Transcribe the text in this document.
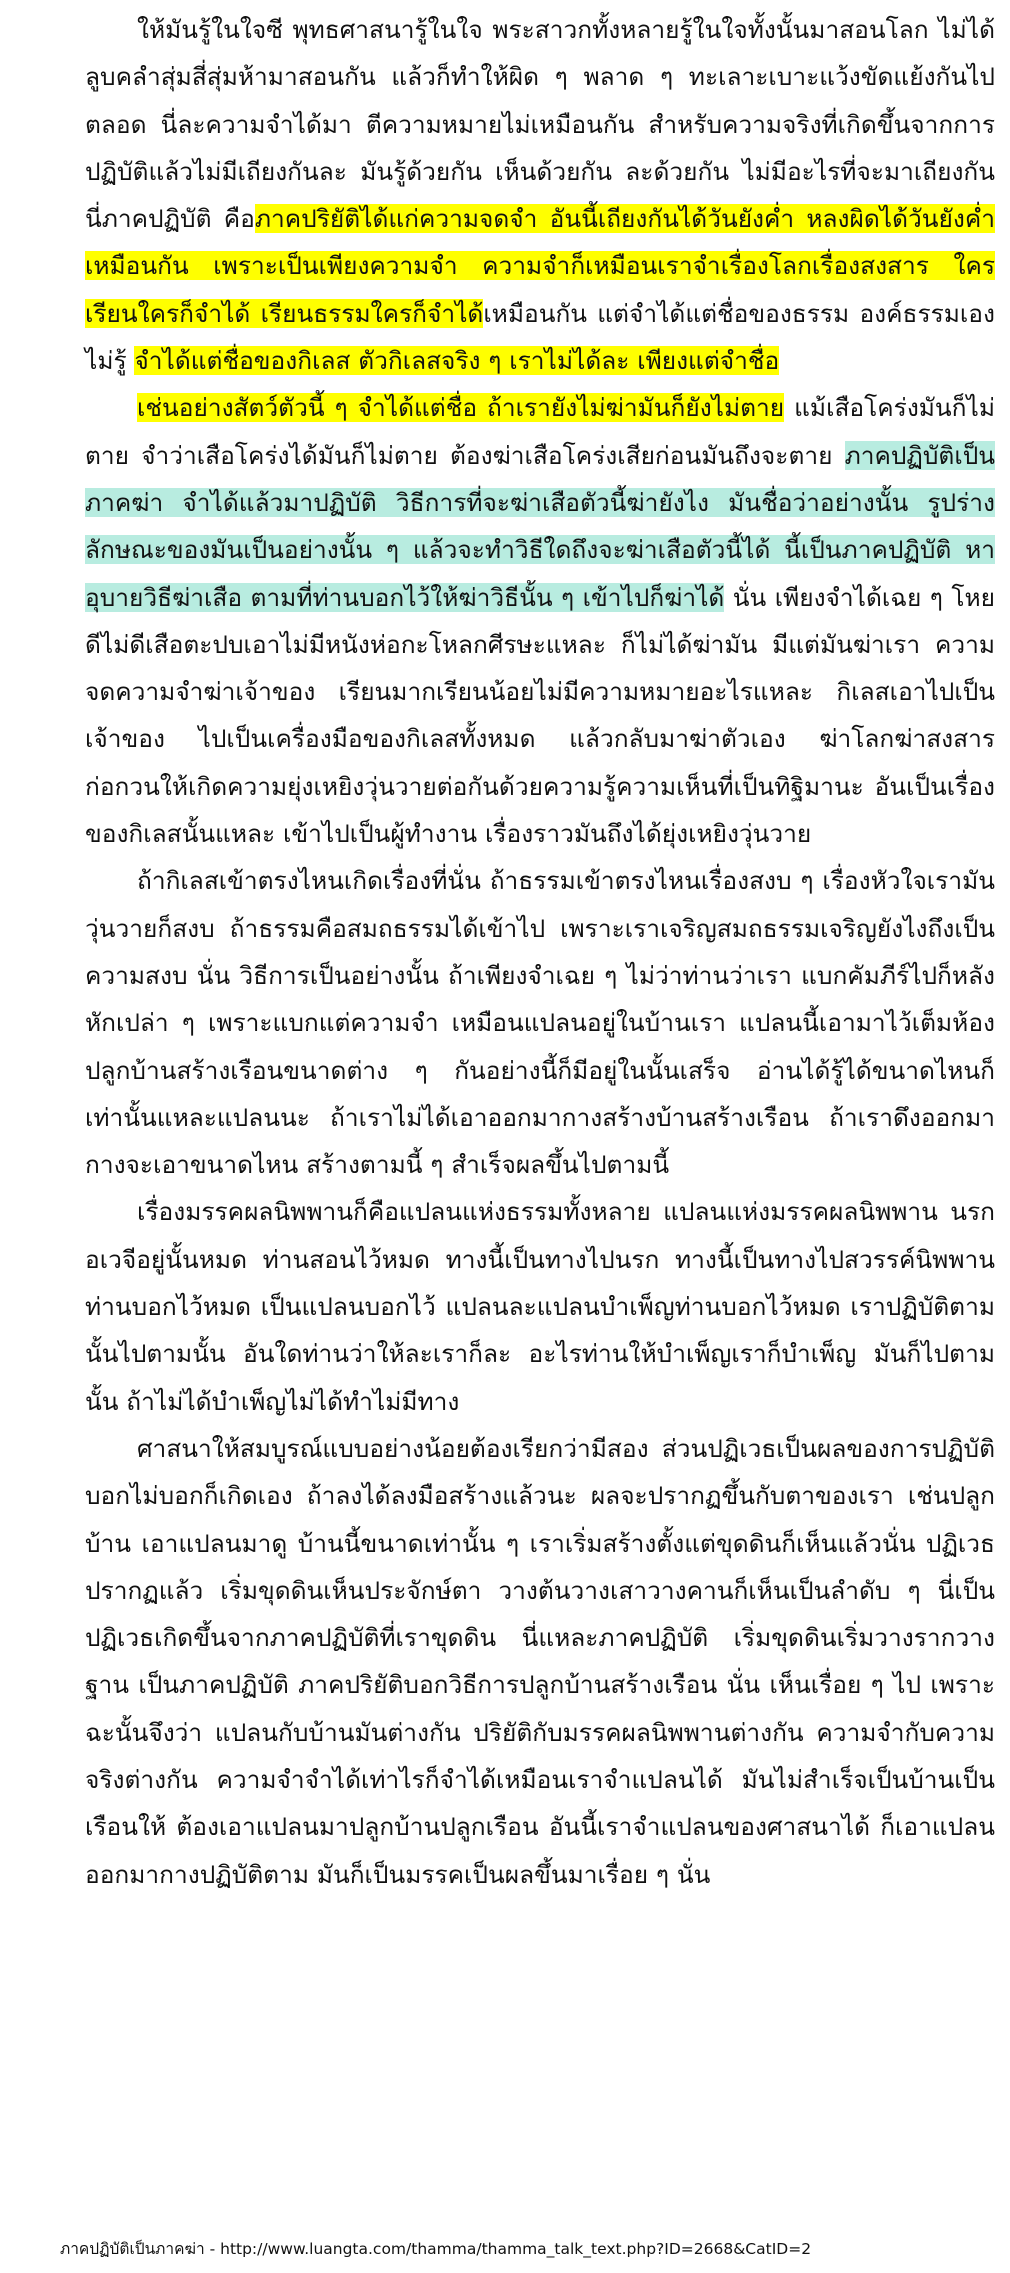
ให้มันรู้ในใจซี พุทธศาสนารู้ในใจ พระสาวกทั้งหลายรู้ในใจทั้งนั้นมาสอนโลก ไม่ได้ลูบคลำสุ่มสี่สุ่มห้ามาสอนกัน แล้วก็ทำให้ผิด ๆ พลาด ๆ ทะเลาะเบาะแว้งขัดแย้งกันไปตลอด นี่ละความจำได้มา ตีความหมายไม่เหมือนกัน สำหรับความจริงที่เกิดขึ้นจากการปฏิบัติแล้วไม่มีเถียงกันละ มันรู้ด้วยกัน เห็นด้วยกัน ละด้วยกัน ไม่มีอะไรที่จะมาเถียงกัน นี่ภาคปฏิบัติ คือภาคปริยัติได้แก่ความจดจำ อันนี้เถียงกันได้วันยังค่ำ หลงผิดได้วันยังค่ำเหมือนกัน เพราะเป็นเพียงความจำ ความจำก็เหมือนเราจำเรื่องโลกเรื่องสงสาร ใครเรียนใครก็จำได้ เรียนธรรมใครก็จำได้เหมือนกัน แต่จำได้แต่ชื่อของธรรม องค์ธรรมเองไม่รู้ จำได้แต่ชื่อของกิเลส ตัวกิเลสจริง ๆ เราไม่ได้ละ เพียงแต่จำชื่อ

เช่นอย่างสัตว์ตัวนี้ ๆ จำได้แต่ชื่อ ถ้าเรายังไม่ฆ่ามันก็ยังไม่ตาย แม้เสือโคร่งมันก็ไม่ตาย จำว่าเสือโคร่งได้มันก็ไม่ตาย ต้องฆ่าเสือโคร่งเสียก่อนมันถึงจะตาย ภาคปฏิบัติเป็นภาคฆ่า จำได้แล้วมาปฏิบัติ วิธีการที่จะฆ่าเสือตัวนี้ฆ่ายังไง มันชื่อว่าอย่างนั้น รูปร่างลักษณะของมันเป็นอย่างนั้น ๆ แล้วจะทำวิธีใดถึงจะฆ่าเสือตัวนี้ได้ นี้เป็นภาคปฏิบัติ หาอุบายวิธีฆ่าเสือ ตามที่ท่านบอกไว้ให้ฆ่าวิธีนั้น ๆ เข้าไปก็ฆ่าได้ นั่น เพียงจำได้เฉย ๆ โหย ดีไม่ดีเสือตะปบเอาไม่มีหนังห่อกะโหลกศีรษะแหละ ก็ไม่ได้ฆ่ามัน มีแต่มันฆ่าเรา ความจดความจำฆ่าเจ้าของ เรียนมากเรียนน้อยไม่มีความหมายอะไรแหละ กิเลสเอาไปเป็นเจ้าของ ไปเป็นเครื่องมือของกิเลสทั้งหมด แล้วกลับมาฆ่าตัวเอง ฆ่าโลกฆ่าสงสาร ก่อกวนให้เกิดความยุ่งเหยิงวุ่นวายต่อกันด้วยความรู้ความเห็นที่เป็นทิฐิมานะ อันเป็นเรื่องของกิเลสนั้นแหละ เข้าไปเป็นผู้ทำงาน เรื่องราวมันถึงได้ยุ่งเหยิงวุ่นวาย

ถ้ากิเลสเข้าตรงไหนเกิดเรื่องที่นั่น ถ้าธรรมเข้าตรงไหนเรื่องสงบ ๆ เรื่องหัวใจเรามันวุ่นวายก็สงบ ถ้าธรรมคือสมถธรรมได้เข้าไป เพราะเราเจริญสมถธรรมเจริญยังไงถึงเป็นความสงบ นั่น วิธีการเป็นอย่างนั้น ถ้าเพียงจำเฉย ๆ ไม่ว่าท่านว่าเรา แบกคัมภีร์ไปก็หลังหักเปล่า ๆ เพราะแบกแต่ความจำ เหมือนแปลนอยู่ในบ้านเรา แปลนนี้เอามาไว้เต็มห้อง ปลูกบ้านสร้างเรือนขนาดต่าง ๆ กันอย่างนี้ก็มีอยู่ในนั้นเสร็จ อ่านได้รู้ได้ขนาดไหนก็เท่านั้นแหละแปลนนะ ถ้าเราไม่ได้เอาออกมากางสร้างบ้านสร้างเรือน ถ้าเราดึงออกมากางจะเอาขนาดไหน สร้างตามนี้ ๆ สำเร็จผลขึ้นไปตามนี้

เรื่องมรรคผลนิพพานก็คือแปลนแห่งธรรมทั้งหลาย แปลนแห่งมรรคผลนิพพาน นรกอเวจีอยู่นั้นหมด ท่านสอนไว้หมด ทางนี้เป็นทางไปนรก ทางนี้เป็นทางไปสวรรค์นิพพาน ท่านบอกไว้หมด เป็นแปลนบอกไว้ แปลนละแปลนบำเพ็ญท่านบอกไว้หมด เราปฏิบัติตามนั้นไปตามนั้น อันใดท่านว่าให้ละเราก็ละ อะไรท่านให้บำเพ็ญเราก็บำเพ็ญ มันก็ไปตามนั้น ถ้าไม่ได้บำเพ็ญไม่ได้ทำไม่มีทาง

ศาสนาให้สมบูรณ์แบบอย่างน้อยต้องเรียกว่ามีสอง ส่วนปฏิเวธเป็นผลของการปฏิบัติ บอกไม่บอกก็เกิดเอง ถ้าลงได้ลงมือสร้างแล้วนะ ผลจะปรากฏขึ้นกับตาของเรา เช่นปลูกบ้าน เอาแปลนมาดู บ้านนี้ขนาดเท่านั้น ๆ เราเริ่มสร้างตั้งแต่ขุดดินก็เห็นแล้วนั่น ปฏิเวธปรากฏแล้ว เริ่มขุดดินเห็นประจักษ์ตา วางต้นวางเสาวางคานก็เห็นเป็นลำดับ ๆ นี่เป็นปฏิเวธเกิดขึ้นจากภาคปฏิบัติที่เราขุดดิน นี่แหละภาคปฏิบัติ เริ่มขุดดินเริ่มวางรากวางฐาน เป็นภาคปฏิบัติ ภาคปริยัติบอกวิธีการปลูกบ้านสร้างเรือน นั่น เห็นเรื่อย ๆ ไป เพราะฉะนั้นจึงว่า แปลนกับบ้านมันต่างกัน ปริยัติกับมรรคผลนิพพานต่างกัน ความจำกับความจริงต่างกัน ความจำจำได้เท่าไรก็จำได้เหมือนเราจำแปลนได้ มันไม่สำเร็จเป็นบ้านเป็นเรือนให้ ต้องเอาแปลนมาปลูกบ้านปลูกเรือน อันนี้เราจำแปลนของศาสนาได้ ก็เอาแปลนออกมากางปฏิบัติตาม มันก็เป็นมรรคเป็นผลขึ้นมาเรื่อย ๆ นั่น

ภาคปฏิบัติเป็นภาคฆ่า - http://www.luangta.com/thamma/thamma_talk_text.php?ID=2668&CatID=2
